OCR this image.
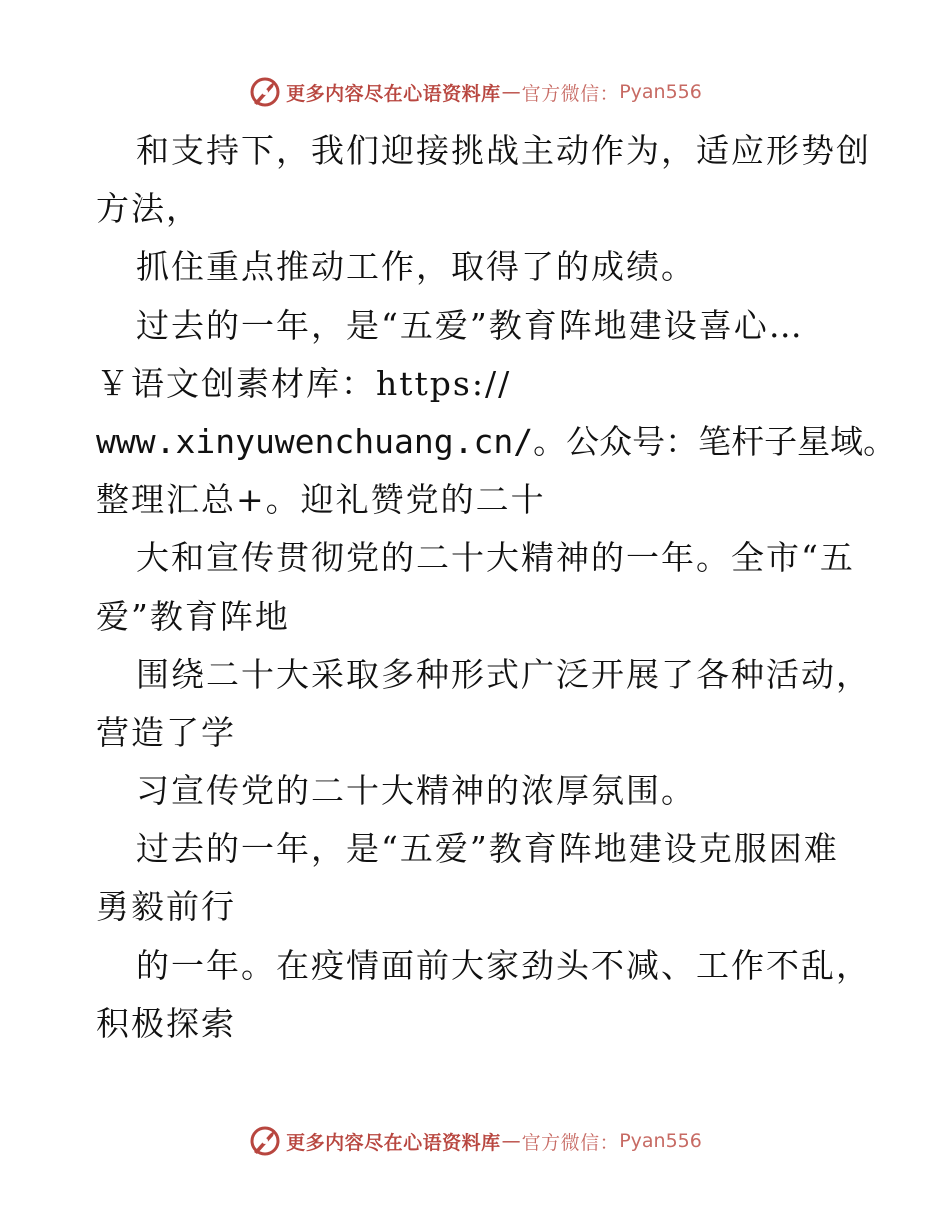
更多内容尽在心语资料库 — 官方微信： Pyan556
和支持下，我们迎接挑战主动作为，适应形势创
方法，
抓住重点推动工作，取得了的成绩。
过去的一年，是“五爱”教育阵地建设喜心…
￥语文创素材库：https://
www.xinyuwenchuang.cn/。公众号：笔杆子星域。
整理汇总+。迎礼赞党的二十
大和宣传贯彻党的二十大精神的一年。全市“五
爱”教育阵地
围绕二十大采取多种形式广泛开展了各种活动，
营造了学
习宣传党的二十大精神的浓厚氛围。
过去的一年，是“五爱”教育阵地建设克服困难
勇毅前行
的一年。在疫情面前大家劲头不减、工作不乱，
积极探索
更多内容尽在心语资料库 — 官方微信： Pyan556
